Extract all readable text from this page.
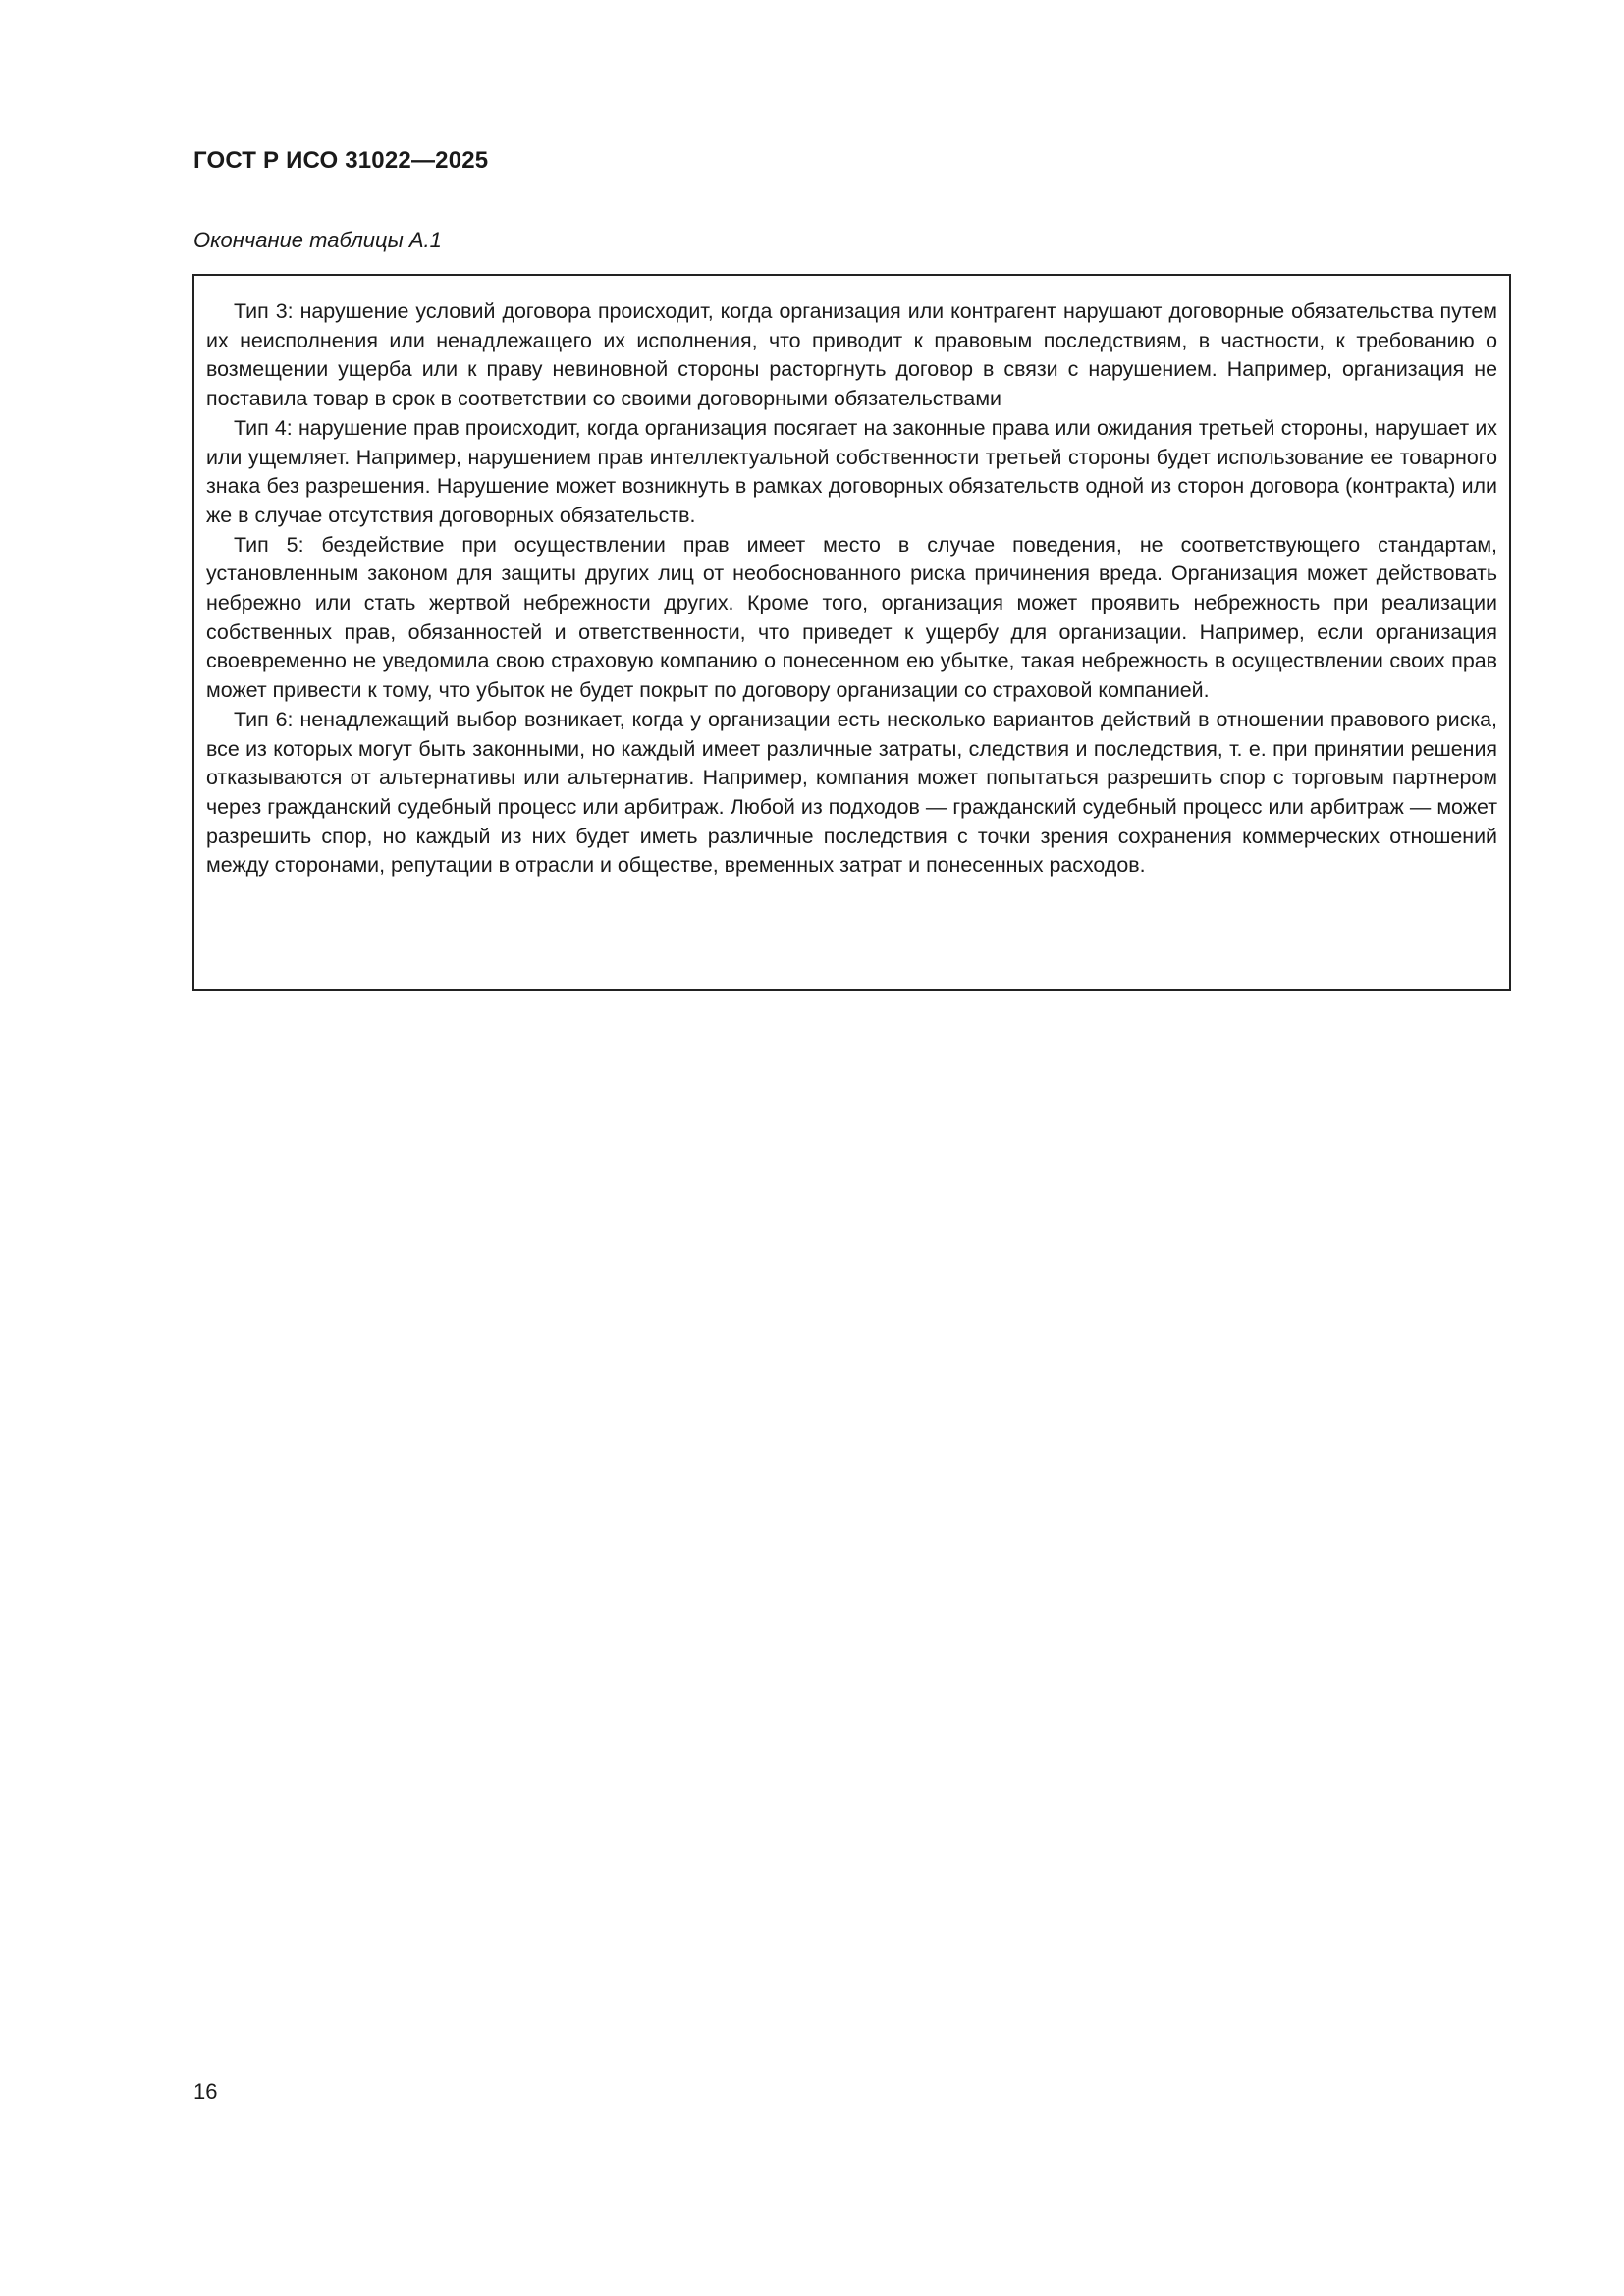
ГОСТ Р ИСО 31022—2025

Окончание таблицы А.1

Тип 3: нарушение условий договора происходит, когда организация или контрагент нарушают договорные обязательства путем их неисполнения или ненадлежащего их исполнения, что приводит к правовым последствиям, в частности, к требованию о возмещении ущерба или к праву невиновной стороны расторгнуть договор в связи с нарушением. Например, организация не поставила товар в срок в соответствии со своими договорными обязательствами

Тип 4: нарушение прав происходит, когда организация посягает на законные права или ожидания третьей стороны, нарушает их или ущемляет. Например, нарушением прав интеллектуальной собственности третьей стороны будет использование ее товарного знака без разрешения. Нарушение может возникнуть в рамках договорных обязательств одной из сторон договора (контракта) или же в случае отсутствия договорных обязательств.

Тип 5: бездействие при осуществлении прав имеет место в случае поведения, не соответствующего стандартам, установленным законом для защиты других лиц от необоснованного риска причинения вреда. Организация может действовать небрежно или стать жертвой небрежности других. Кроме того, организация может проявить небрежность при реализации собственных прав, обязанностей и ответственности, что приведет к ущербу для организации. Например, если организация своевременно не уведомила свою страховую компанию о понесенном ею убытке, такая небрежность в осуществлении своих прав может привести к тому, что убыток не будет покрыт по договору организации со страховой компанией.

Тип 6: ненадлежащий выбор возникает, когда у организации есть несколько вариантов действий в отношении правового риска, все из которых могут быть законными, но каждый имеет различные затраты, следствия и последствия, т. е. при принятии решения отказываются от альтернативы или альтернатив. Например, компания может попытаться разрешить спор с торговым партнером через гражданский судебный процесс или арбитраж. Любой из подходов — гражданский судебный процесс или арбитраж — может разрешить спор, но каждый из них будет иметь различные последствия с точки зрения сохранения коммерческих отношений между сторонами, репутации в отрасли и обществе, временных затрат и понесенных расходов.

16
